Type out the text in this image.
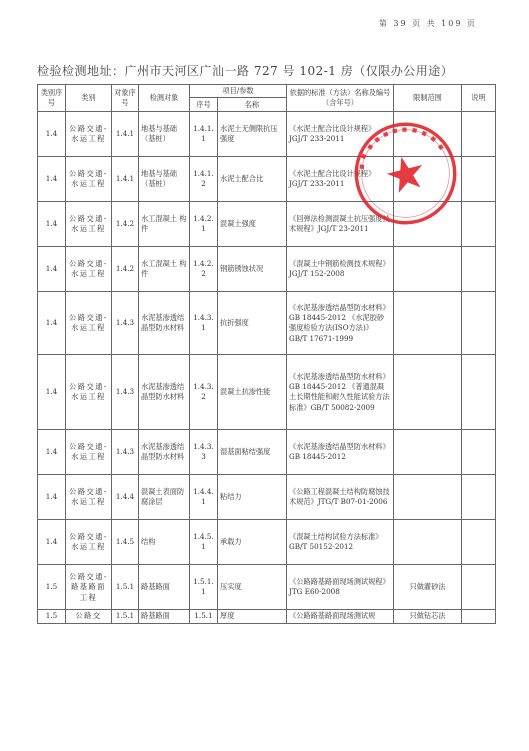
第 39 页 共 109 页
检验检测地址：广州市天河区广汕一路 727 号 102-1 房（仅限办公用途）
类别序号	类别	对象序号	检测对象	项目/参数		依据的标准（方法）名称及编号（含年号）	限制范围	说明
				序号	名称			
1.4	公路交通-水运工程	1.4.1	地基与基础（基桩）	1.4.1.1	水泥土无侧限抗压强度	《水泥土配合比设计规程》JGJ/T 233-2011		
1.4	公路交通-水运工程	1.4.1	地基与基础（基桩）	1.4.1.2	水泥土配合比	《水泥土配合比设计规程》JGJ/T 233-2011		
1.4	公路交通-水运工程	1.4.2	水工混凝土 构件	1.4.2.1	混凝土强度	《回弹法检测混凝土抗压强度技术规程》JGJ/T 23-2011		
1.4	公路交通-水运工程	1.4.2	水工混凝土 构件	1.4.2.2	钢筋锈蚀状况	《混凝土中钢筋检测技术规程》JGJ/T 152-2008		
1.4	公路交通-水运工程	1.4.3	水泥基渗透结晶型防水材料	1.4.3.1	抗折强度	《水泥基渗透结晶型防水材料》GB 18445-2012 《水泥胶砂强度检验方法(ISO方法)》GB/T 17671-1999		
1.4	公路交通-水运工程	1.4.3	水泥基渗透结晶型防水材料	1.4.3.2	混凝土抗渗性能	《水泥基渗透结晶型防水材料》GB 18445-2012 《普通混凝土长期性能和耐久性能试验方法标准》GB/T 50082-2009		
1.4	公路交通-水运工程	1.4.3	水泥基渗透结晶型防水材料	1.4.3.3	湿基面粘结强度	《水泥基渗透结晶型防水材料》GB 18445-2012		
1.4	公路交通-水运工程	1.4.4	混凝土表面防腐涂层	1.4.4.1	粘结力	《公路工程混凝土结构防腐蚀技术规范》JTG/T B07-01-2006		
1.4	公路交通-水运工程	1.4.5	结构	1.4.5.1	承载力	《混凝土结构试验方法标准》GB/T 50152-2012		
1.5	公路交通-路基路面工程	1.5.1	路基路面	1.5.1.1	压实度	《公路路基路面现场测试规程》JTG E60-2008	只做灌砂法	
1.5	公路交	1.5.1	路基路面	1.5.1	厚度	《公路路基路面现场测试规	只做钻芯法	
